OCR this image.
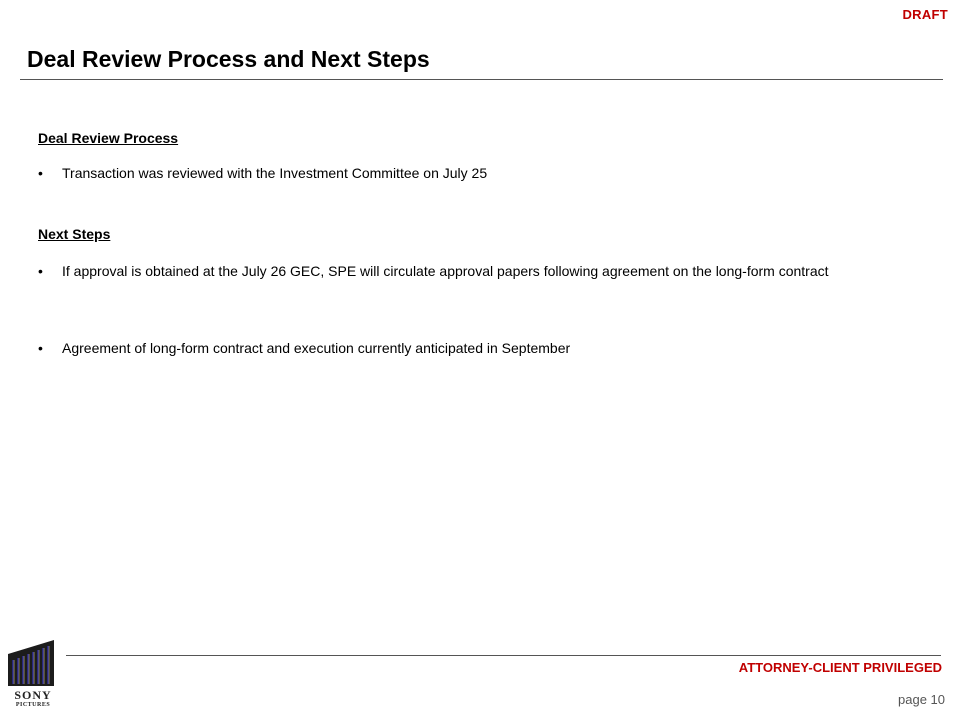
DRAFT
Deal Review Process and Next Steps
Deal Review Process
•	Transaction was reviewed with the Investment Committee on July 25
Next Steps
•	If approval is obtained at the July 26 GEC, SPE will circulate approval papers following agreement on the long-form contract
•	Agreement of long-form contract and execution currently anticipated in September
ATTORNEY-CLIENT PRIVILEGED
page 10
SONY
PICTURES
